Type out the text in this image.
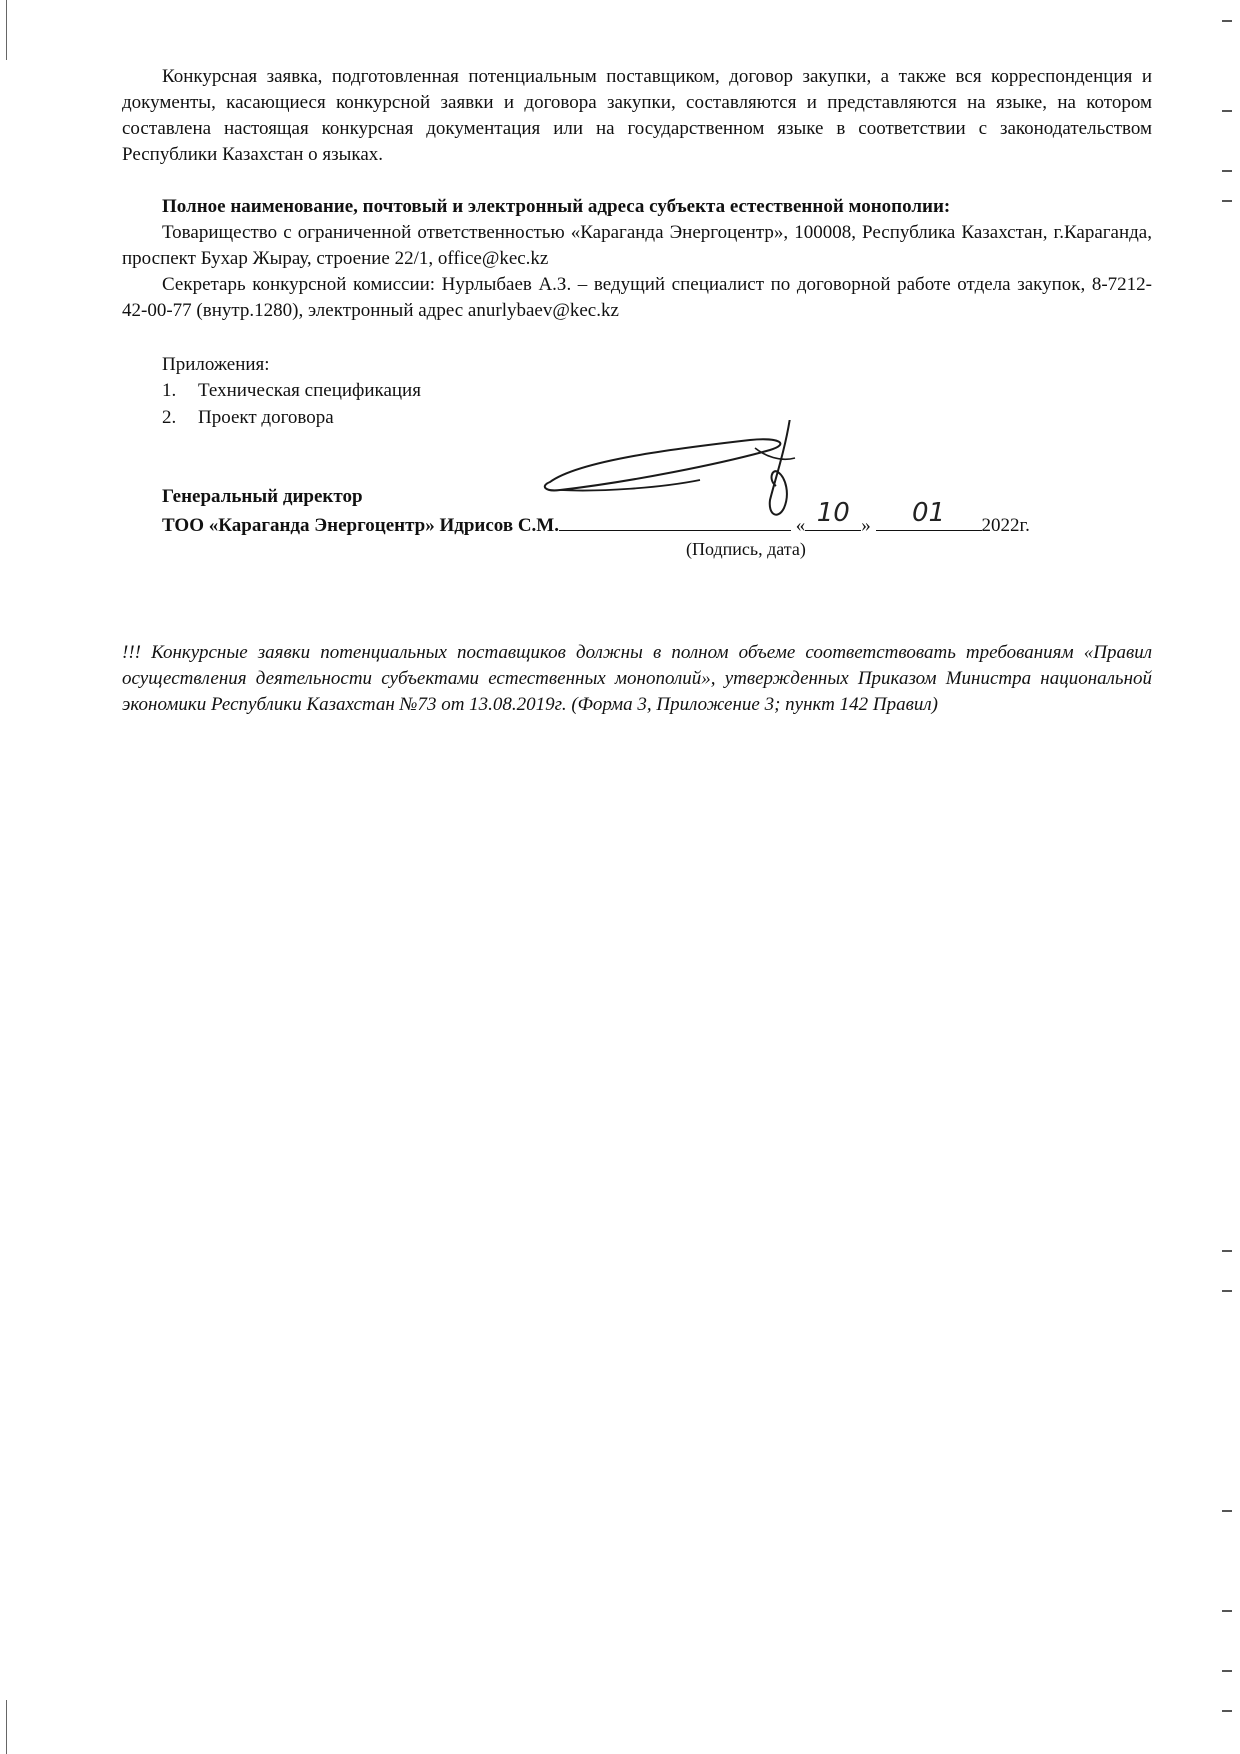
Конкурсная заявка, подготовленная потенциальным поставщиком, договор закупки, а также вся корреспонденция и документы, касающиеся конкурсной заявки и договора закупки, составляются и представляются на языке, на котором составлена настоящая конкурсная документация или на государственном языке в соответствии с законодательством Республики Казахстан о языках.
Полное наименование, почтовый и электронный адреса субъекта естественной монополии:
Товарищество с ограниченной ответственностью «Караганда Энергоцентр», 100008, Республика Казахстан, г.Караганда, проспект Бухар Жырау, строение 22/1, office@kec.kz
Секретарь конкурсной комиссии: Нурлыбаев А.З. – ведущий специалист по договорной работе отдела закупок, 8-7212-42-00-77 (внутр.1280), электронный адрес anurlybaev@kec.kz
Приложения:
1. Техническая спецификация
2. Проект договора
Генеральный директор
ТОО «Караганда Энергоцентр» Идрисов С.М.	« 10 »	01	2022г.
(Подпись, дата)
!!! Конкурсные заявки потенциальных поставщиков должны в полном объеме соответствовать требованиям «Правил осуществления деятельности субъектами естественных монополий», утвержденных Приказом Министра национальной экономики Республики Казахстан №73 от 13.08.2019г. (Форма 3, Приложение 3; пункт 142 Правил)
